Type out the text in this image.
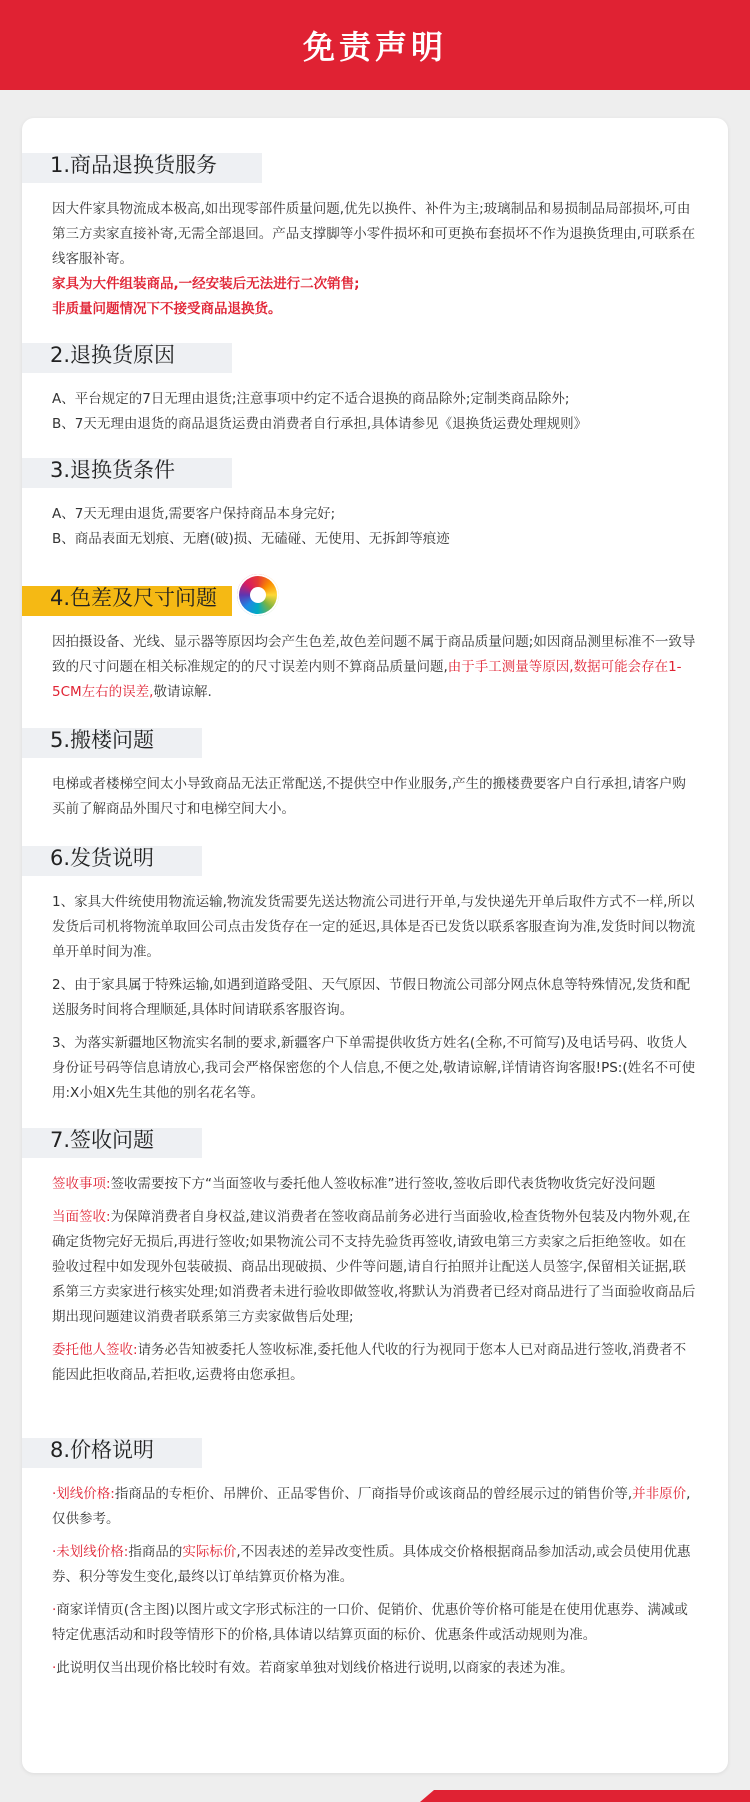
免责声明
1.商品退换货服务

因大件家具物流成本极高,如出现零部件质量问题,优先以换件、补件为主;玻璃制品和易损制品局部损坏,可由第三方卖家直接补寄,无需全部退回。产品支撑脚等小零件损坏和可更换布套损坏不作为退换货理由,可联系在线客服补寄。

家具为大件组装商品,一经安装后无法进行二次销售;
非质量问题情况下不接受商品退换货。
2.退换货原因
A、平台规定的7日无理由退货;注意事项中约定不适合退换的商品除外;定制类商品除外;
B、7天无理由退货的商品退货运费由消费者自行承担,具体请参见《退换货运费处理规则》
3.退换货条件
A、7天无理由退货,需要客户保持商品本身完好;
B、商品表面无划痕、无磨(破)损、无磕碰、无使用、无拆卸等痕迹
4.色差及尺寸问题

因拍摄设备、光线、显示器等原因均会产生色差,故色差问题不属于商品质量问题;如因商品测里标准不一致导致的尺寸问题在相关标准规定的的尺寸误差内则不算商品质量问题,由于手工测量等原因,数据可能会存在1-5CM左右的误差,敬请谅解.

5.搬楼问题

电梯或者楼梯空间太小导致商品无法正常配送,不提供空中作业服务,产生的搬楼费要客户自行承担,请客户购买前了解商品外围尺寸和电梯空间大小。

6.发货说明

1、家具大件统使用物流运输,物流发货需要先送达物流公司进行开单,与发快递先开单后取件方式不一样,所以发货后司机将物流单取回公司点击发货存在一定的延迟,具体是否已发货以联系客服查询为准,发货时间以物流单开单时间为准。

2、由于家具属于特殊运输,如遇到道路受阻、天气原因、节假日物流公司部分网点休息等特殊情况,发货和配送服务时间将合理顺延,具体时间请联系客服咨询。

3、为落实新疆地区物流实名制的要求,新疆客户下单需提供收货方姓名(全称,不可简写)及电话号码、收货人身份证号码等信息请放心,我司会严格保密您的个人信息,不便之处,敬请谅解,详情请咨询客服!PS:(姓名不可使用:X小姐X先生其他的别名花名等。

7.签收问题

签收事项:签收需要按下方“当面签收与委托他人签收标准”进行签收,签收后即代表货物收货完好没问题

当面签收:为保障消费者自身权益,建议消费者在签收商品前务必进行当面验收,检查货物外包装及内物外观,在确定货物完好无损后,再进行签收;如果物流公司不支持先验货再签收,请致电第三方卖家之后拒绝签收。如在验收过程中如发现外包装破损、商品出现破损、少件等问题,请自行拍照并让配送人员签字,保留相关证据,联系第三方卖家进行核实处理;如消费者未进行验收即做签收,将默认为消费者已经对商品进行了当面验收商品后期出现问题建议消费者联系第三方卖家做售后处理;

委托他人签收:请务必告知被委托人签收标准,委托他人代收的行为视同于您本人已对商品进行签收,消费者不能因此拒收商品,若拒收,运费将由您承担。

8.价格说明

·划线价格:指商品的专柜价、吊牌价、正品零售价、厂商指导价或该商品的曾经展示过的销售价等,并非原价,仅供参考。

·未划线价格:指商品的实际标价,不因表述的差异改变性质。具体成交价格根据商品参加活动,或会员使用优惠券、积分等发生变化,最终以订单结算页价格为准。

·商家详情页(含主图)以图片或文字形式标注的一口价、促销价、优惠价等价格可能是在使用优惠券、满减或特定优惠活动和时段等情形下的价格,具体请以结算页面的标价、优惠条件或活动规则为准。

·此说明仅当出现价格比较时有效。若商家单独对划线价格进行说明,以商家的表述为准。
